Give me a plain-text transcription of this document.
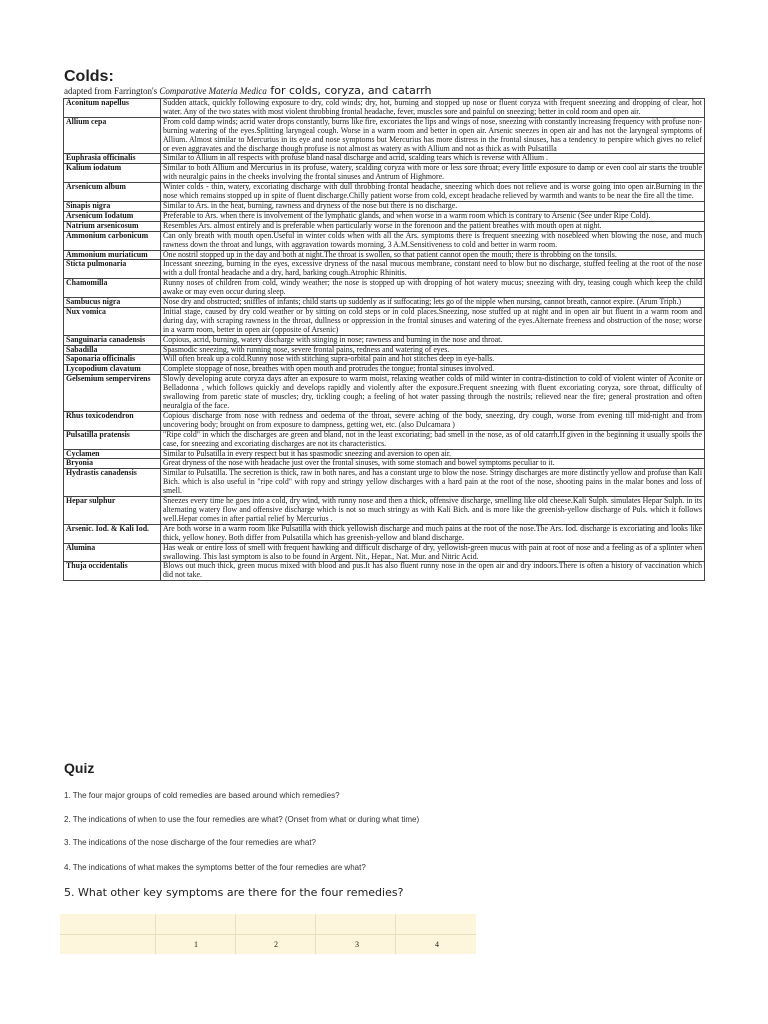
Colds:
adapted from Farrington's Comparative Materia Medica for colds, coryza, and catarrh
Aconitum napellus	Sudden attack, quickly following exposure to dry, cold winds; dry, hot, burning and stopped up nose or fluent coryza with frequent sneezing and dropping of clear, hot water. Any of the two states with most violent throbbing frontal headache, fever, muscles sore and painful on sneezing; better in cold room and open air.
Allium cepa	From cold damp winds; acrid water drops constantly, burns like fire, excoriates the lips and wings of nose, sneezing with constantly increasing frequency with profuse non-burning watering of the eyes.Splitting laryngeal cough. Worse in a warm room and better in open air. Arsenic sneezes in open air and has not the laryngeal symptoms of Allium. Almost similar to Mercurius in its eye and nose symptoms but Mercurius has more distress in the frontal sinuses, has a tendency to perspire which gives no relief or even aggravates and the discharge though profuse is not almost as watery as with Allium and not as thick as with Pulsatilla
Euphrasia officinalis	Similar to Allium in all respects with profuse bland nasal discharge and acrid, scalding tears which is reverse with Allium .
Kalium iodatum	Similar to both Allium and Mercurius in its profuse, watery, scalding coryza with more or less sore throat; every little exposure to damp or even cool air starts the trouble with neuralgic pains in the cheeks involving the frontal sinuses and Antrum of Highmore.
Arsenicum album	Winter colds - thin, watery, excoriating discharge with dull throbbing frontal headache, sneezing which does not relieve and is worse going into open air.Burning in the nose which remains stopped up in spite of fluent discharge.Chilly patient worse from cold, except headache relieved by warmth and wants to be near the fire all the time.
Sinapis nigra	Similar to Ars. in the heat, burning, rawness and dryness of the nose but there is no discharge.
Arsenicum Iodatum	Preferable to Ars. when there is involvement of the lymphatic glands, and when worse in a warm room which is contrary to Arsenic (See under Ripe Cold).
Natrium arsenicosum	Resembles Ars. almost entirely and is preferable when particularly worse in the forenoon and the patient breathes with mouth open at night.
Ammonium carbonicum	Can only breath with mouth open.Useful in winter colds when with all the Ars. symptoms there is frequent sneezing with nosebleed when blowing the nose, and much rawness down the throat and lungs, with aggravation towards morning, 3 A.M.Sensitiveness to cold and better in warm room.
Ammonium muriaticum	One nostril stopped up in the day and both at night.The throat is swollen, so that patient cannot open the mouth; there is throbbing on the tonsils.
Sticta pulmonaria	Incessant sneezing, burning in the eyes, excessive dryness of the nasal mucous membrane, constant need to blow but no discharge, stuffed feeling at the root of the nose with a dull frontal headache and a dry, hard, barking cough.Atrophic Rhinitis.
Chamomilla	Runny noses of children from cold, windy weather; the nose is stopped up with dropping of hot watery mucus; sneezing with dry, teasing cough which keep the child awake or may even occur during sleep.
Sambucus nigra	Nose dry and obstructed; sniffles of infants; child starts up suddenly as if suffocating; lets go of the nipple when nursing, cannot breath, cannot expire. (Arum Triph.)
Nux vomica	Initial stage, caused by dry cold weather or by sitting on cold steps or in cold places.Sneezing, nose stuffed up at night and in open air but fluent in a warm room and during day, with scraping rawness in the throat, dullness or oppression in the frontal sinuses and watering of the eyes.Alternate freeness and obstruction of the nose; worse in a warm room, better in open air (opposite of Arsenic)
Sanguinaria canadensis	Copious, acrid, burning, watery discharge with stinging in nose; rawness and burning in the nose and throat.
Sabadilla	Spasmodic sneezing, with running nose, severe frontal pains, redness and watering of eyes.
Saponaria officinalis	Will often break up a cold.Runny nose with stitching supra-orbital pain and hot stitches deep in eye-balls.
Lycopodium clavatum	Complete stoppage of nose, breathes with open mouth and protrudes the tongue; frontal sinuses involved.
Gelsemium sempervirens	Slowly developing acute coryza days after an exposure to warm moist, relaxing weather colds of mild winter in contra-distinction to cold of violent winter of Aconite or Belladonna , which follows quickly and develops rapidly and violently after the exposure.Frequent sneezing with fluent excoriating coryza, sore throat, difficulty of swallowing from paretic state of muscles; dry, tickling cough; a feeling of hot water passing through the nostrils; relieved near the fire; general prostration and often neuralgia of the face.
Rhus toxicodendron	Copious discharge from nose with redness and oedema of the throat, severe aching of the body, sneezing, dry cough, worse from evening till mid-night and from uncovering body; brought on from exposure to dampness, getting wet, etc. (also Dulcamara )
Pulsatilla pratensis	"Ripe cold" in which the discharges are green and bland, not in the least excoriating; bad smell in the nose, as of old catarrh.If given in the beginning it usually spoils the case, for sneezing and excoriating discharges are not its characteristics.
Cyclamen	Similar to Pulsatilla in every respect but it has spasmodic sneezing and aversion to open air.
Bryonia	Great dryness of the nose with headache just over the frontal sinuses, with some stomach and bowel symptoms peculiar to it.
Hydrastis canadensis	Similar to Pulsatilla. The secretion is thick, raw in both nares, and has a constant urge to blow the nose. Stringy discharges are more distinctly yellow and profuse than Kali Bich. which is also useful in "ripe cold" with ropy and stringy yellow discharges with a hard pain at the root of the nose, shooting pains in the malar bones and loss of smell.
Hepar sulphur	Sneezes every time he goes into a cold, dry wind, with runny nose and then a thick, offensive discharge, smelling like old cheese.Kali Sulph. simulates Hepar Sulph. in its alternating watery flow and offensive discharge which is not so much stringy as with Kali Bich. and is more like the greenish-yellow discharge of Puls. which it follows well.Hepar comes in after partial relief by Mercurius .
Arsenic. Iod. & Kali Iod.	Are both worse in a warm room like Pulsatilla with thick yellowish discharge and much pains at the root of the nose.The Ars. Iod. discharge is excoriating and looks like thick, yellow honey. Both differ from Pulsatilla which has greenish-yellow and bland discharge.
Alumina	Has weak or entire loss of smell with frequent hawking and difficult discharge of dry, yellowish-green mucus with pain at root of nose and a feeling as of a splinter when swallowing. This last symptom is also to be found in Argent. Nit., Hepar., Nat. Mur. and Nitric Acid.
Thuja occidentalis	Blows out much thick, green mucus mixed with blood and pus.It has also fluent runny nose in the open air and dry indoors.There is often a history of vaccination which did not take.
Quiz
1. The four major groups of cold remedies are based around which remedies?
2. The indications of when to use the four remedies are what? (Onset from what or during what time)
3. The indications of the nose discharge of the four remedies are what?
4. The indications of what makes the symptoms better of the four remedies are what?
5. What other key symptoms are there for the four remedies?
1	2	3	4
